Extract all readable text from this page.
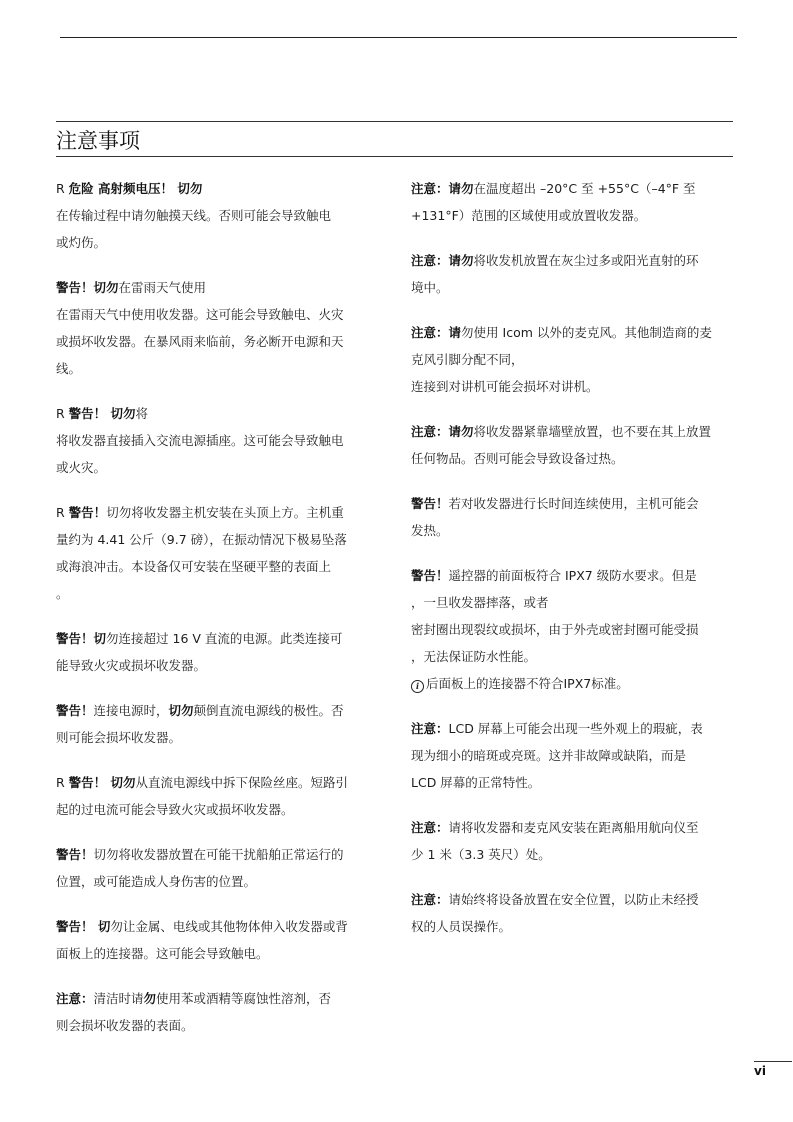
注意事项

R 危险 高射频电压！ 切勿

在传输过程中请勿触摸天线。否则可能会导致触电

或灼伤。

警告！切勿在雷雨天气使用

在雷雨天气中使用收发器。这可能会导致触电、火灾

或损坏收发器。在暴风雨来临前，务必断开电源和天

线。

R 警告！ 切勿将

将收发器直接插入交流电源插座。这可能会导致触电

或火灾。

R 警告！切勿将收发器主机安装在头顶上方。主机重

量约为 4.41 公斤（9.7 磅），在振动情况下极易坠落

或海浪冲击。本设备仅可安装在坚硬平整的表面上

。

警告！切勿连接超过 16 V 直流的电源。此类连接可

能导致火灾或损坏收发器。

警告！连接电源时，切勿颠倒直流电源线的极性。否

则可能会损坏收发器。

R 警告！ 切勿从直流电源线中拆下保险丝座。短路引

起的过电流可能会导致火灾或损坏收发器。

警告！切勿将收发器放置在可能干扰船舶正常运行的

位置，或可能造成人身伤害的位置。

警告！ 切勿让金属、电线或其他物体伸入收发器或背

面板上的连接器。这可能会导致触电。

注意：清洁时请勿使用苯或酒精等腐蚀性溶剂，否

则会损坏收发器的表面。

注意：请勿在温度超出 –20°C 至 +55°C（–4°F 至

+131°F）范围的区域使用或放置收发器。

注意：请勿将收发机放置在灰尘过多或阳光直射的环

境中。

注意：请勿使用 Icom 以外的麦克风。其他制造商的麦

克风引脚分配不同，

连接到对讲机可能会损坏对讲机。

注意：请勿将收发器紧靠墙壁放置，也不要在其上放置

任何物品。否则可能会导致设备过热。

警告！若对收发器进行长时间连续使用，主机可能会

发热。

警告！遥控器的前面板符合 IPX7 级防水要求。但是

，一旦收发器摔落，或者

密封圈出现裂纹或损坏，由于外壳或密封圈可能受损

，无法保证防水性能。

i 后面板上的连接器不符合IPX7标准。

注意：LCD 屏幕上可能会出现一些外观上的瑕疵，表

现为细小的暗斑或亮斑。这并非故障或缺陷，而是

LCD 屏幕的正常特性。

注意：请将收发器和麦克风安装在距离船用航向仪至

少 1 米（3.3 英尺）处。

注意：请始终将设备放置在安全位置，以防止未经授

权的人员误操作。

vi
